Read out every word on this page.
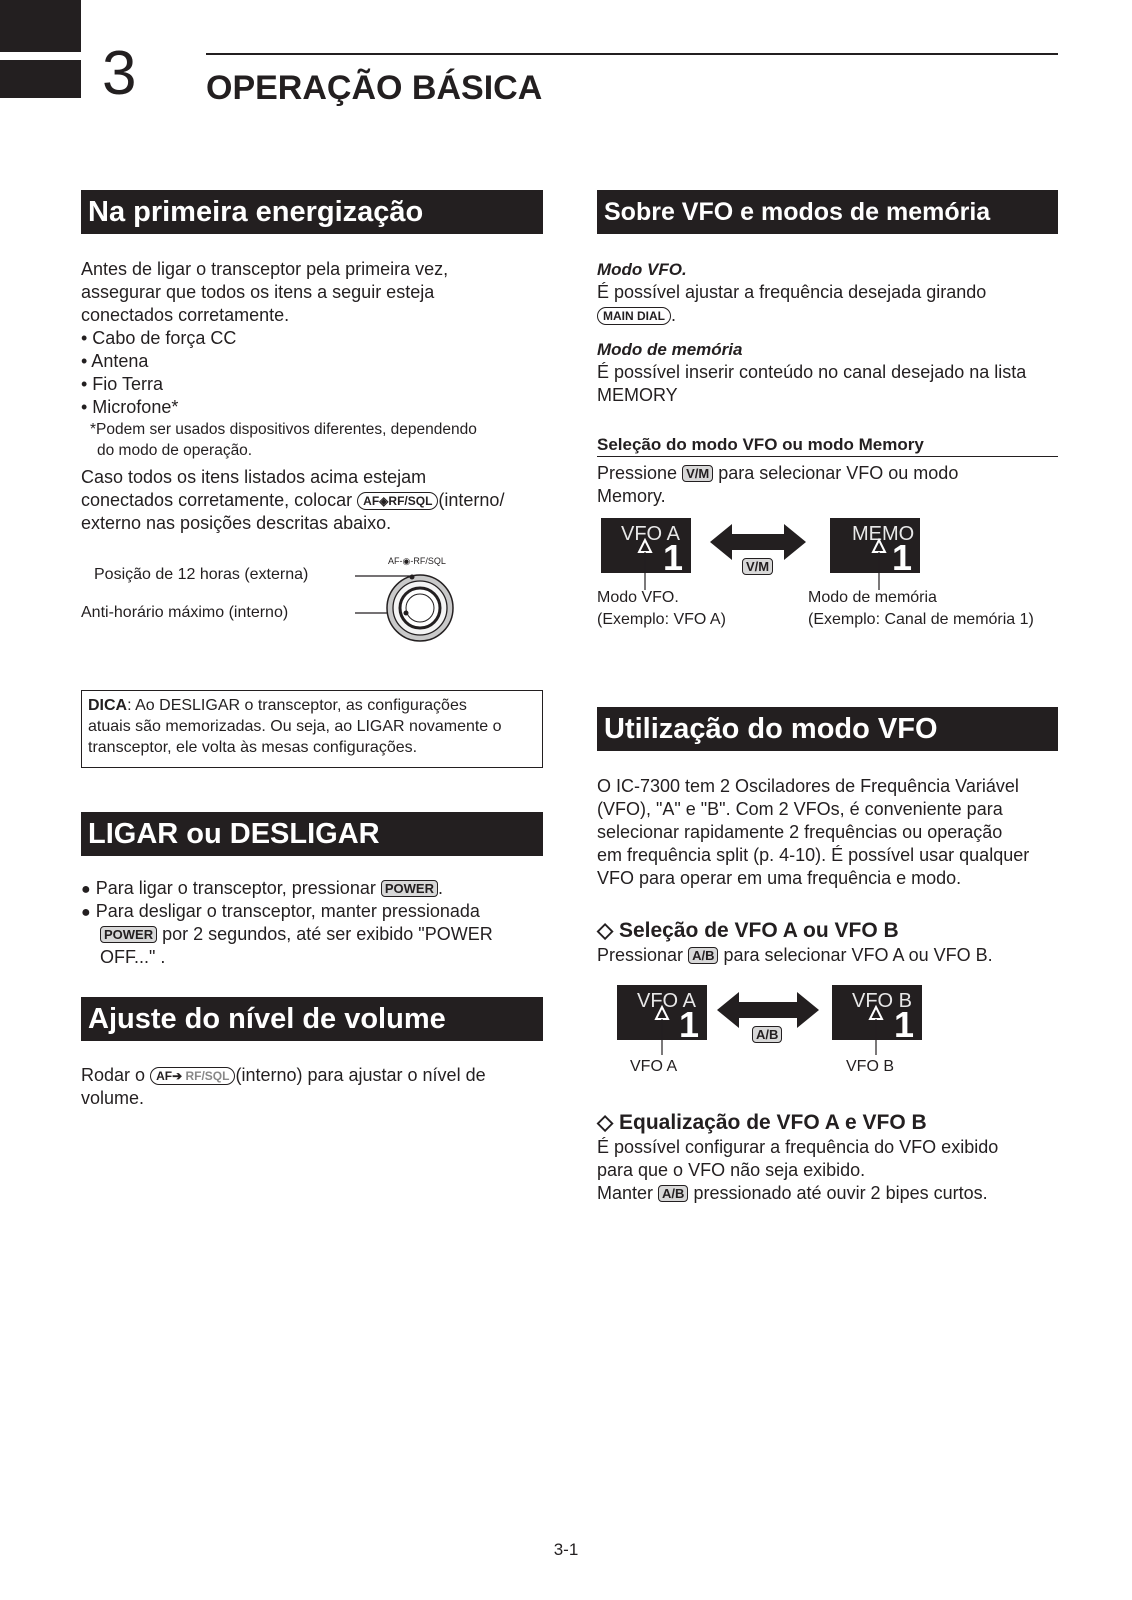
3 OPERAÇÃO BÁSICA
Na primeira energização
Antes de ligar o transceptor pela primeira vez,
assegurar que todos os itens a seguir esteja
conectados corretamente.
• Cabo de força CC
• Antena
• Fio Terra
• Microfone*
*Podem ser usados dispositivos diferentes, dependendo
do modo de operação.
Caso todos os itens listados acima estejam
conectados corretamente, colocar AF◈RF/SQL (interno/
externo nas posições descritas abaixo.
Posição de 12 horas (externa)
Anti-horário máximo (interno)
AF-◉-RF/SQL
DICA: Ao DESLIGAR o transceptor, as configurações
atuais são memorizadas. Ou seja, ao LIGAR novamente o
transceptor, ele volta às mesas configurações.
LIGAR ou DESLIGAR
● Para ligar o transceptor, pressionar POWER .
● Para desligar o transceptor, manter pressionada
POWER por 2 segundos, até ser exibido "POWER
OFF..." .
Ajuste do nível de volume
Rodar o AF➔ RF/SQL (interno) para ajustar o nível de
volume.
Sobre VFO e modos de memória
Modo VFO.
É possível ajustar a frequência desejada girando
MAIN DIAL .
Modo de memória
É possível inserir conteúdo no canal desejado na lista
MEMORY
Seleção do modo VFO ou modo Memory
Pressione V/M para selecionar VFO ou modo
Memory.
VFO A
1
MEMO
1
V/M
Modo VFO.
(Exemplo: VFO A)
Modo de memória
(Exemplo: Canal de memória 1)
Utilização do modo VFO
O IC-7300 tem 2 Osciladores de Frequência Variável
(VFO), "A" e "B". Com 2 VFOs, é conveniente para
selecionar rapidamente 2 frequências ou operação
em frequência split (p. 4-10). É possível usar qualquer
VFO para operar em uma frequência e modo.
◇ Seleção de VFO A ou VFO B
Pressionar A/B para selecionar VFO A ou VFO B.
VFO A
1
VFO B
1
A/B
VFO A	VFO B
◇ Equalização de VFO A e VFO B
É possível configurar a frequência do VFO exibido
para que o VFO não seja exibido.
Manter A/B pressionado até ouvir 2 bipes curtos.
3-1
